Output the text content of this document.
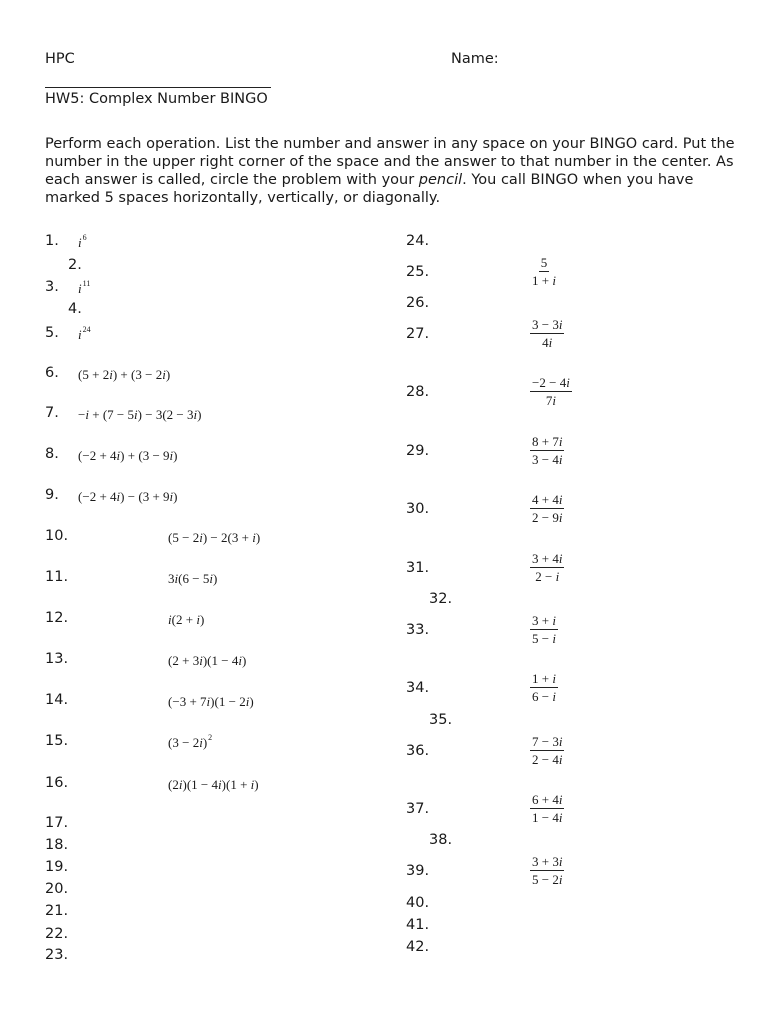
HPC	Name:
HW5: Complex Number BINGO
Perform each operation. List the number and answer in any space on your BINGO card. Put the number in the upper right corner of the space and the answer to that number in the center. As each answer is called, circle the problem with your pencil. You call BINGO when you have marked 5 spaces horizontally, vertically, or diagonally.
1. $i^6$
2.
3. $i^{11}$
4.
5. $i^{24}$
6. (5 + 2i) + (3 − 2i)
7. −i + (7 − 5i) − 3(2 − 3i)
8. (−2 + 4i) + (3 − 9i)
9. (−2 + 4i) − (3 + 9i)
10.	(5 − 2i) − 2(3 + i)
11.	3i(6 − 5i)
12.	i(2 + i)
13.	(2 + 3i)(1 − 4i)
14.	(−3 + 7i)(1 − 2i)
15.	$(3 - 2i)^2$
16.	(2i)(1 − 4i)(1 + i)
17.
18.
19.
20.
21.
22.
23.
24.
25.	$\frac{5}{1 + i}$
26.
27.	$\frac{3 - 3i}{4i}$
28.	$\frac{-2 - 4i}{7i}$
29.	$\frac{8 + 7i}{3 - 4i}$
30.	$\frac{4 + 4i}{2 - 9i}$
31.	$\frac{3 + 4i}{2 - i}$
32.
33.	$\frac{3 + i}{5 - i}$
34.	$\frac{1 + i}{6 - i}$
35.
36.	$\frac{7 - 3i}{2 - 4i}$
37.	$\frac{6 + 4i}{1 - 4i}$
38.
39.	$\frac{3 + 3i}{5 - 2i}$
40.
41.
42.
